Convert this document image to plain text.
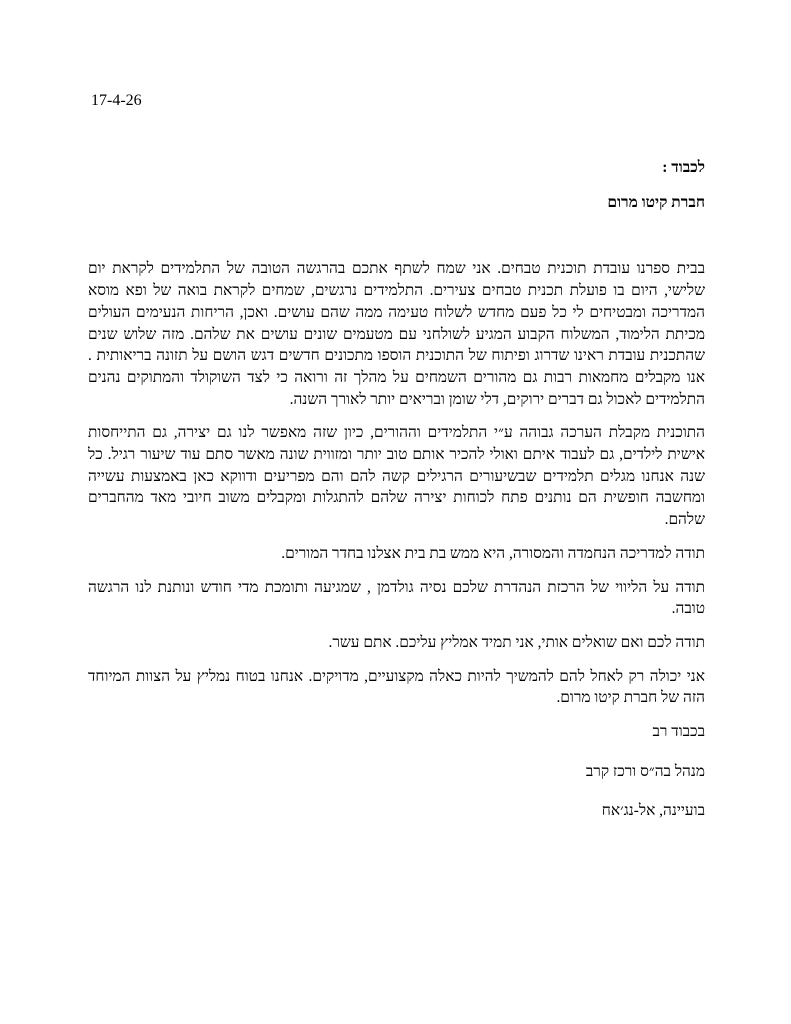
17-4-26

לכבוד :

חברת קיטו מרום

בבית ספרנו עובדת תוכנית טבחים. אני שמח לשתף אתכם בהרגשה הטובה של התלמידים לקראת יום שלישי, היום בו פועלת תכנית טבחים צעירים. התלמידים נרגשים, שמחים לקראת בואה של ופא מוסא המדריכה ומבטיחים לי כל פעם מחדש לשלוח טעימה ממה שהם עושים. ואכן, הריחות הנעימים העולים מכיתת הלימוד, המשלוח הקבוע המגיע לשולחני עם מטעמים שונים עושים את שלהם. מזה שלוש שנים שהתכנית עובדת ראינו שדרוג ופיתוח של התוכנית הוספו מתכונים חדשים דגש הושם על תזונה בריאותית . אנו מקבלים מחמאות רבות גם מהורים השמחים על מהלך זה ורואה כי לצד השוקולד והמתוקים נהנים התלמידים לאכול גם דברים ירוקים, דלי שומן ובריאים יותר לאורך השנה.

התוכנית מקבלת הערכה גבוהה ע״י התלמידים וההורים, כיון שזה מאפשר לנו גם יצירה, גם התייחסות אישית לילדים, גם לעבוד איתם ואולי להכיר אותם טוב יותר ומזווית שונה מאשר סתם עוד שיעור רגיל. כל שנה אנחנו מגלים תלמידים שבשיעורים הרגילים קשה להם והם מפריעים ודווקא כאן באמצעות עשייה ומחשבה חופשית הם נותנים פתח לכוחות יצירה שלהם להתגלות ומקבלים משוב חיובי מאד מהחברים שלהם.

תודה למדריכה הנחמדה והמסורה, היא ממש בת בית אצלנו בחדר המורים.

תודה על הליווי של הרכזת הנהדרת שלכם נסיה גולדמן , שמגיעה ותומכת מדי חודש ונותנת לנו הרגשה טובה.

תודה לכם ואם שואלים אותי, אני תמיד אמליץ עליכם. אתם עשר.

אני יכולה רק לאחל להם להמשיך להיות כאלה מקצועיים, מדויקים. אנחנו בטוח נמליץ על הצוות המיוחד הזה של חברת קיטו מרום.

בכבוד רב

מנהל בה״ס ורכז קרב

בועיינה, אל-נג׳אח
